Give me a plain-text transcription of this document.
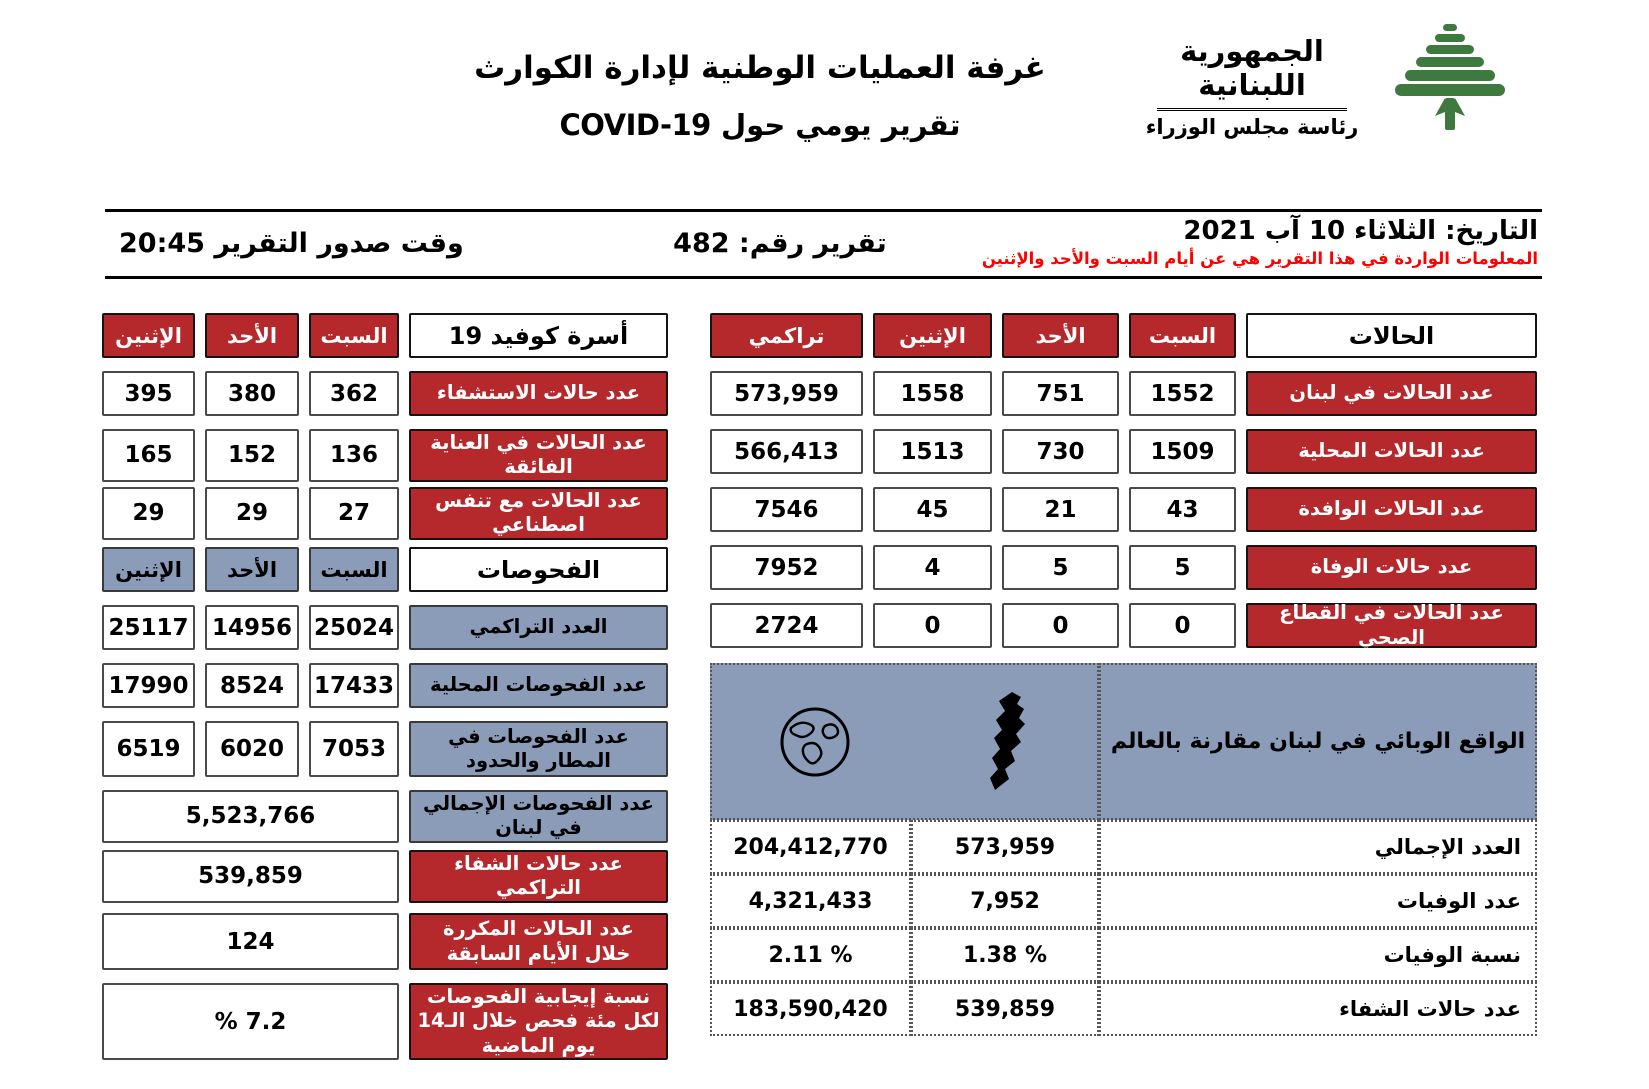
غرفة العمليات الوطنية لإدارة الكوارث
تقرير يومي حول COVID-19
الجمهورية اللبنانية
رئاسة مجلس الوزراء
التاريخ: الثلاثاء 10 آب 2021
المعلومات الواردة في هذا التقرير هي عن أيام السبت والأحد والإثنين
تقرير رقم: 482
وقت صدور التقرير 20:45
الحالات
السبت
الأحد
الإثنين
تراكمي
عدد الحالات في لبنان
1552
751
1558
573,959
عدد الحالات المحلية
1509
730
1513
566,413
عدد الحالات الوافدة
43
21
45
7546
عدد حالات الوفاة
5
5
4
7952
عدد الحالات في القطاع الصحي
0
0
0
2724
الواقع الوبائي في لبنان مقارنة بالعالم
العدد الإجمالي
573,959
204,412,770
عدد الوفيات
7,952
4,321,433
نسبة الوفيات
1.38 %
2.11 %
عدد حالات الشفاء
539,859
183,590,420
أسرة كوفيد 19
السبت
الأحد
الإثنين
عدد حالات الاستشفاء
362
380
395
عدد الحالات في العناية الفائقة
136
152
165
عدد الحالات مع تنفس اصطناعي
27
29
29
الفحوصات
السبت
الأحد
الإثنين
العدد التراكمي
25024
14956
25117
عدد الفحوصات المحلية
17433
8524
17990
عدد الفحوصات في المطار والحدود
7053
6020
6519
عدد الفحوصات الإجمالي في لبنان
5,523,766
عدد حالات الشفاء التراكمي
539,859
عدد الحالات المكررة خلال الأيام السابقة
124
نسبة إيجابية الفحوصات لكل مئة فحص خلال الـ14 يوم الماضية
% 7.2
